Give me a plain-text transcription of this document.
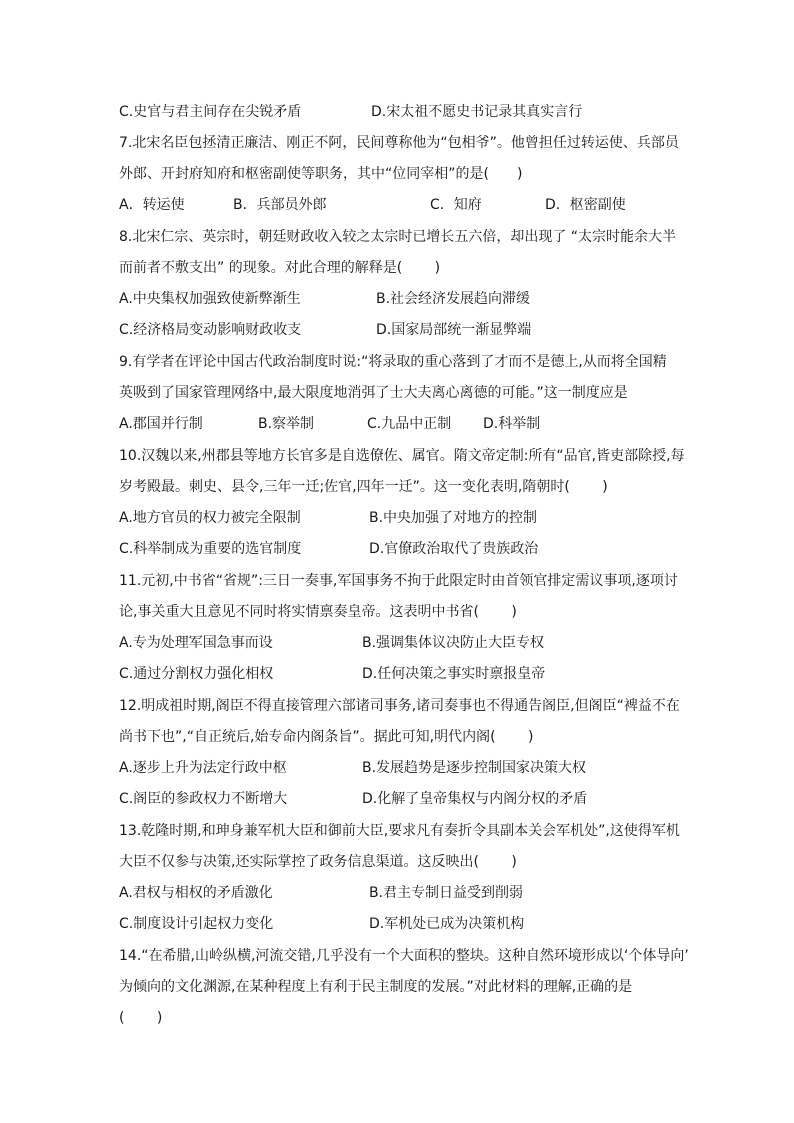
C.史官与君主间存在尖锐矛盾	D.宋太祖不愿史书记录其真实言行
7.北宋名臣包拯清正廉洁、刚正不阿，民间尊称他为“包相爷”。他曾担任过转运使、兵部员
外郎、开封府知府和枢密副使等职务，其中“位同宰相”的是(　　)
A．转运使	B．兵部员外郎	C．知府	D．枢密副使
8.北宋仁宗、英宗时，朝廷财政收入较之太宗时已增长五六倍，却出现了 “太宗时能余大半
而前者不敷支出” 的现象。对此合理的解释是(　　 )
A.中央集权加强致使新弊渐生	B.社会经济发展趋向滞缓
C.经济格局变动影响财政收支	D.国家局部统一渐显弊端
9.有学者在评论中国古代政治制度时说:“将录取的重心落到了才而不是德上,从而将全国精
英吸到了国家管理网络中,最大限度地消弭了士大夫离心离德的可能。”这一制度应是
A.郡国并行制	B.察举制	C.九品中正制 D.科举制
10.汉魏以来,州郡县等地方长官多是自选僚佐、属官。隋文帝定制:所有“品官,皆吏部除授,每
岁考殿最。刺史、县令,三年一迁;佐官,四年一迁”。这一变化表明,隋朝时(　　 )
A.地方官员的权力被完全限制	B.中央加强了对地方的控制
C.科举制成为重要的选官制度	D.官僚政治取代了贵族政治
11.元初,中书省“省规”:三日一奏事,军国事务不拘于此限定时由首领官排定需议事项,逐项讨
论,事关重大且意见不同时将实情禀奏皇帝。这表明中书省(　　 )
A.专为处理军国急事而设	B.强调集体议决防止大臣专权
C.通过分割权力强化相权	D.任何决策之事实时禀报皇帝
12.明成祖时期,阁臣不得直接管理六部诸司事务,诸司奏事也不得通告阁臣,但阁臣“裨益不在
尚书下也”,“自正统后,始专命内阁条旨”。据此可知,明代内阁(　　 )
A.逐步上升为法定行政中枢	B.发展趋势是逐步控制国家决策大权
C.阁臣的参政权力不断增大	D.化解了皇帝集权与内阁分权的矛盾
13.乾隆时期,和珅身兼军机大臣和御前大臣,要求凡有奏折令具副本关会军机处”,这使得军机
大臣不仅参与决策,还实际掌控了政务信息渠道。这反映出(　　 )
A.君权与相权的矛盾激化	B.君主专制日益受到削弱
C.制度设计引起权力变化	D.军机处已成为决策机构
14.“在希腊,山岭纵横,河流交错,几乎没有一个大面积的整块。这种自然环境形成以‘个体导向’
为倾向的文化渊源,在某种程度上有利于民主制度的发展。”对此材料的理解,正确的是
(　　 )
